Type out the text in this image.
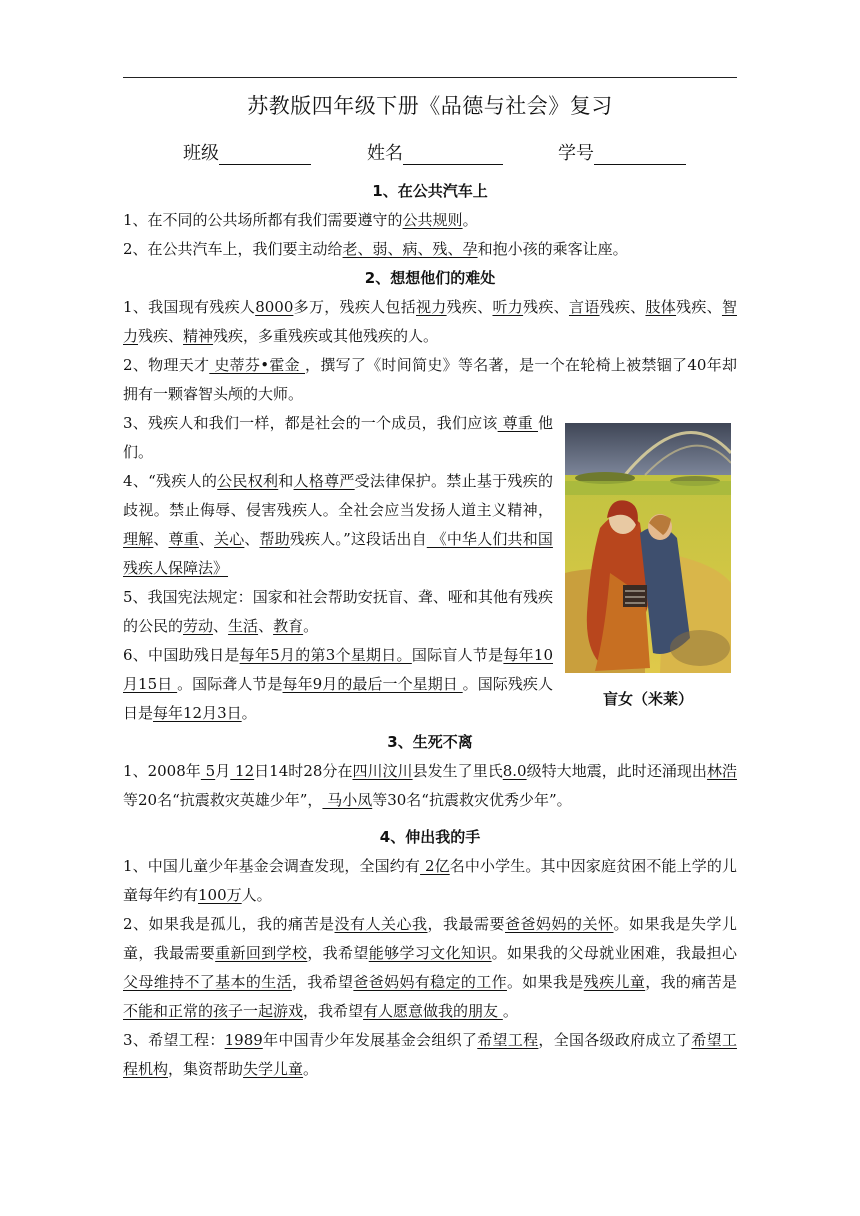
苏教版四年级下册《品德与社会》复习
班级	姓名	学号
1、在公共汽车上

1、在不同的公共场所都有我们需要遵守的公共规则。

2、在公共汽车上，我们要主动给老、弱、病、残、孕和抱小孩的乘客让座。

2、想想他们的难处

1、我国现有残疾人8000多万，残疾人包括视力残疾、听力残疾、言语残疾、肢体残疾、智力残疾、精神残疾，多重残疾或其他残疾的人。

2、物理天才 史蒂芬•霍金 ，撰写了《时间简史》等名著，是一个在轮椅上被禁锢了40年却拥有一颗睿智头颅的大师。

3、残疾人和我们一样，都是社会的一个成员，我们应该 尊重 他们。

4、“残疾人的公民权利和人格尊严受法律保护。禁止基于残疾的歧视。禁止侮辱、侵害残疾人。全社会应当发扬人道主义精神，理解、尊重、关心、帮助残疾人。”这段话出自 《中华人们共和国残疾人保障法》

5、我国宪法规定：国家和社会帮助安抚盲、聋、哑和其他有残疾的公民的劳动、生活、教育。

6、中国助残日是每年5月的第3个星期日。国际盲人节是每年10月15日 。国际聋人节是每年9月的最后一个星期日 。国际残疾人日是每年12月3日。

盲女（米莱）
3、生死不离

1、2008年 5月 12日14时28分在四川汶川县发生了里氏8.0级特大地震，此时还涌现出林浩等20名“抗震救灾英雄少年”， 马小凤等30名“抗震救灾优秀少年”。

4、伸出我的手

1、中国儿童少年基金会调查发现，全国约有 2亿名中小学生。其中因家庭贫困不能上学的儿童每年约有100万人。

2、如果我是孤儿，我的痛苦是没有人关心我，我最需要爸爸妈妈的关怀。如果我是失学儿童，我最需要重新回到学校，我希望能够学习文化知识。如果我的父母就业困难，我最担心父母维持不了基本的生活，我希望爸爸妈妈有稳定的工作。如果我是残疾儿童，我的痛苦是不能和正常的孩子一起游戏，我希望有人愿意做我的朋友 。

3、希望工程：1989年中国青少年发展基金会组织了希望工程，全国各级政府成立了希望工程机构，集资帮助失学儿童。
